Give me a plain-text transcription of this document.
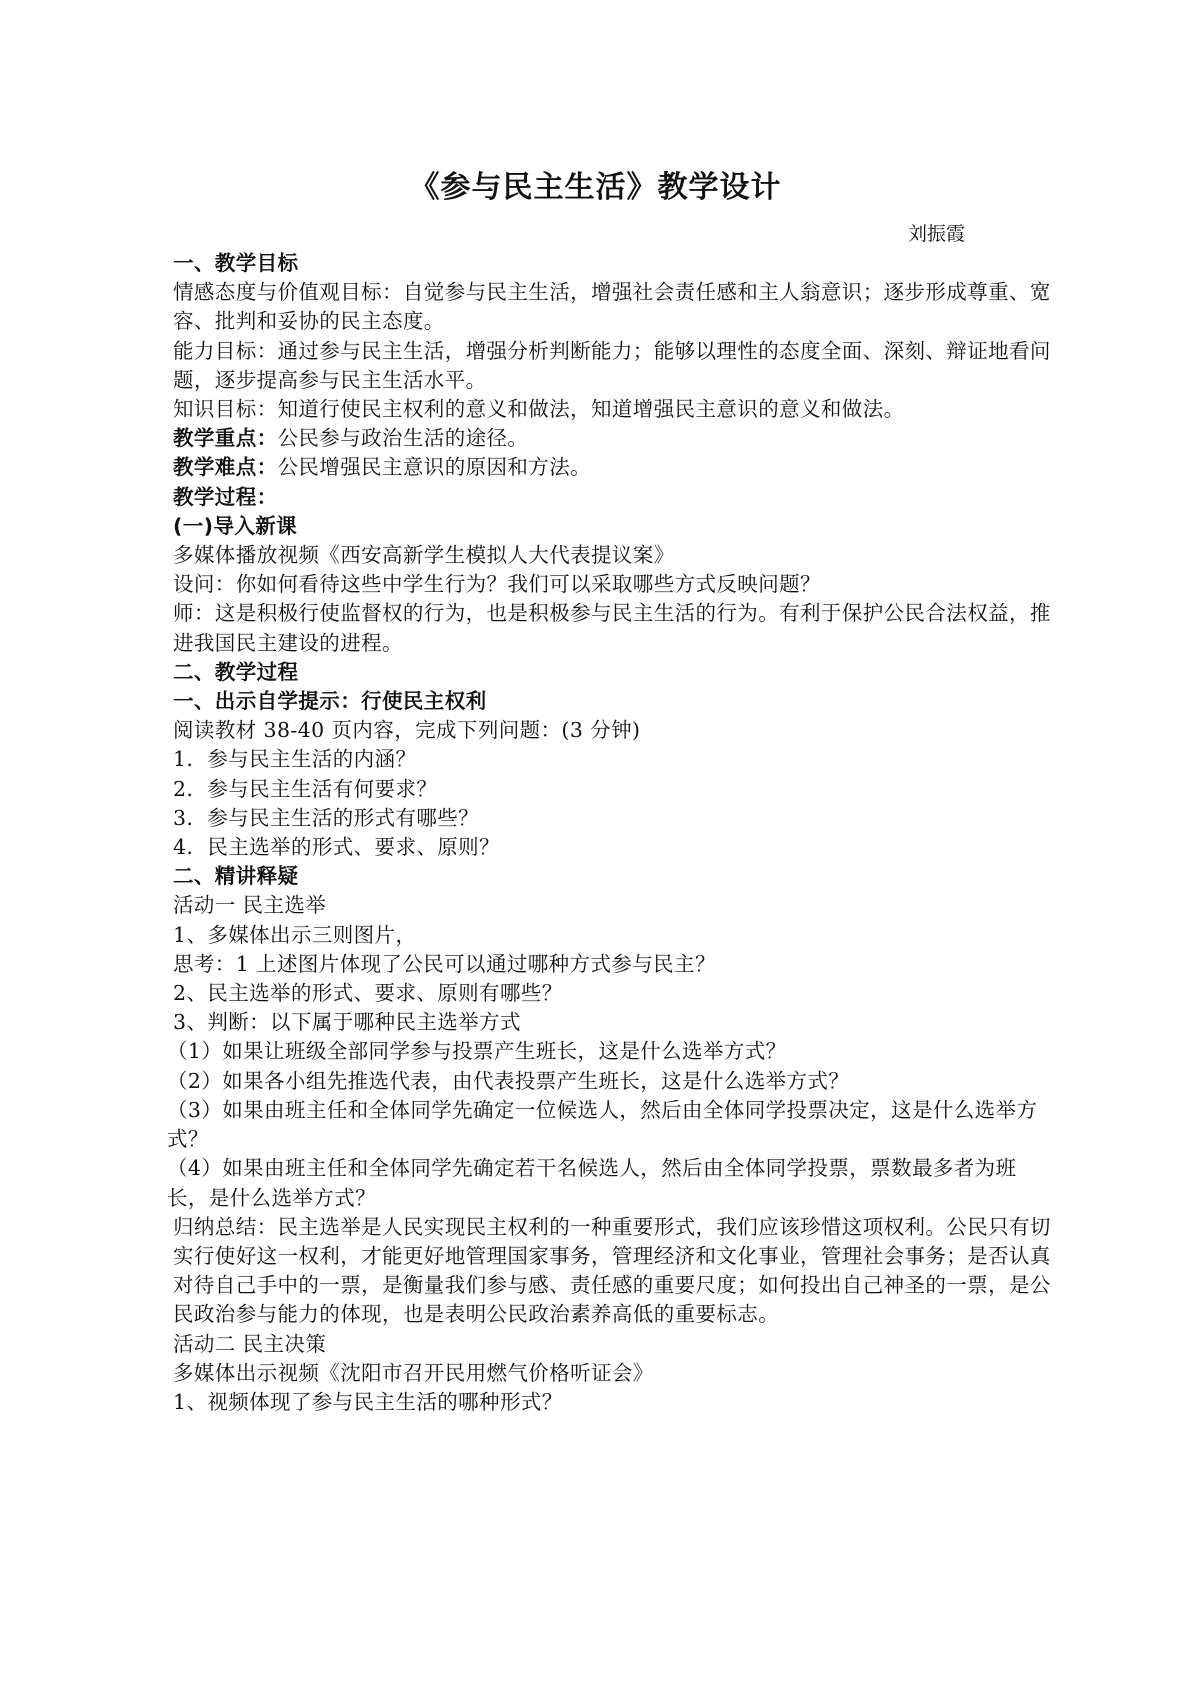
《参与民主生活》教学设计
刘振霞

一、教学目标

情感态度与价值观目标：自觉参与民主生活，增强社会责任感和主人翁意识；逐步形成尊重、宽容、批判和妥协的民主态度。

能力目标：通过参与民主生活，增强分析判断能力；能够以理性的态度全面、深刻、辩证地看问题，逐步提高参与民主生活水平。

知识目标：知道行使民主权利的意义和做法，知道增强民主意识的意义和做法。

教学重点：公民参与政治生活的途径。

教学难点：公民增强民主意识的原因和方法。

教学过程：

(一)导入新课

多媒体播放视频《西安高新学生模拟人大代表提议案》

设问：你如何看待这些中学生行为？我们可以采取哪些方式反映问题？

师：这是积极行使监督权的行为，也是积极参与民主生活的行为。有利于保护公民合法权益，推进我国民主建设的进程。

二、教学过程

一、出示自学提示：行使民主权利

阅读教材 38-40 页内容，完成下列问题：(3 分钟)

1．参与民主生活的内涵？

2．参与民主生活有何要求？

3．参与民主生活的形式有哪些？

4．民主选举的形式、要求、原则？

二、精讲释疑

活动一 民主选举

1、多媒体出示三则图片，

思考：1 上述图片体现了公民可以通过哪种方式参与民主？

2、民主选举的形式、要求、原则有哪些？

3、判断：以下属于哪种民主选举方式

（1）如果让班级全部同学参与投票产生班长，这是什么选举方式？

（2）如果各小组先推选代表，由代表投票产生班长，这是什么选举方式？

（3）如果由班主任和全体同学先确定一位候选人，然后由全体同学投票决定，这是什么选举方式？

（4）如果由班主任和全体同学先确定若干名候选人，然后由全体同学投票，票数最多者为班长，是什么选举方式？

归纳总结：民主选举是人民实现民主权利的一种重要形式，我们应该珍惜这项权利。公民只有切实行使好这一权利，才能更好地管理国家事务，管理经济和文化事业，管理社会事务；是否认真对待自己手中的一票，是衡量我们参与感、责任感的重要尺度；如何投出自己神圣的一票，是公民政治参与能力的体现，也是表明公民政治素养高低的重要标志。

活动二 民主决策

多媒体出示视频《沈阳市召开民用燃气价格听证会》

1、视频体现了参与民主生活的哪种形式？
